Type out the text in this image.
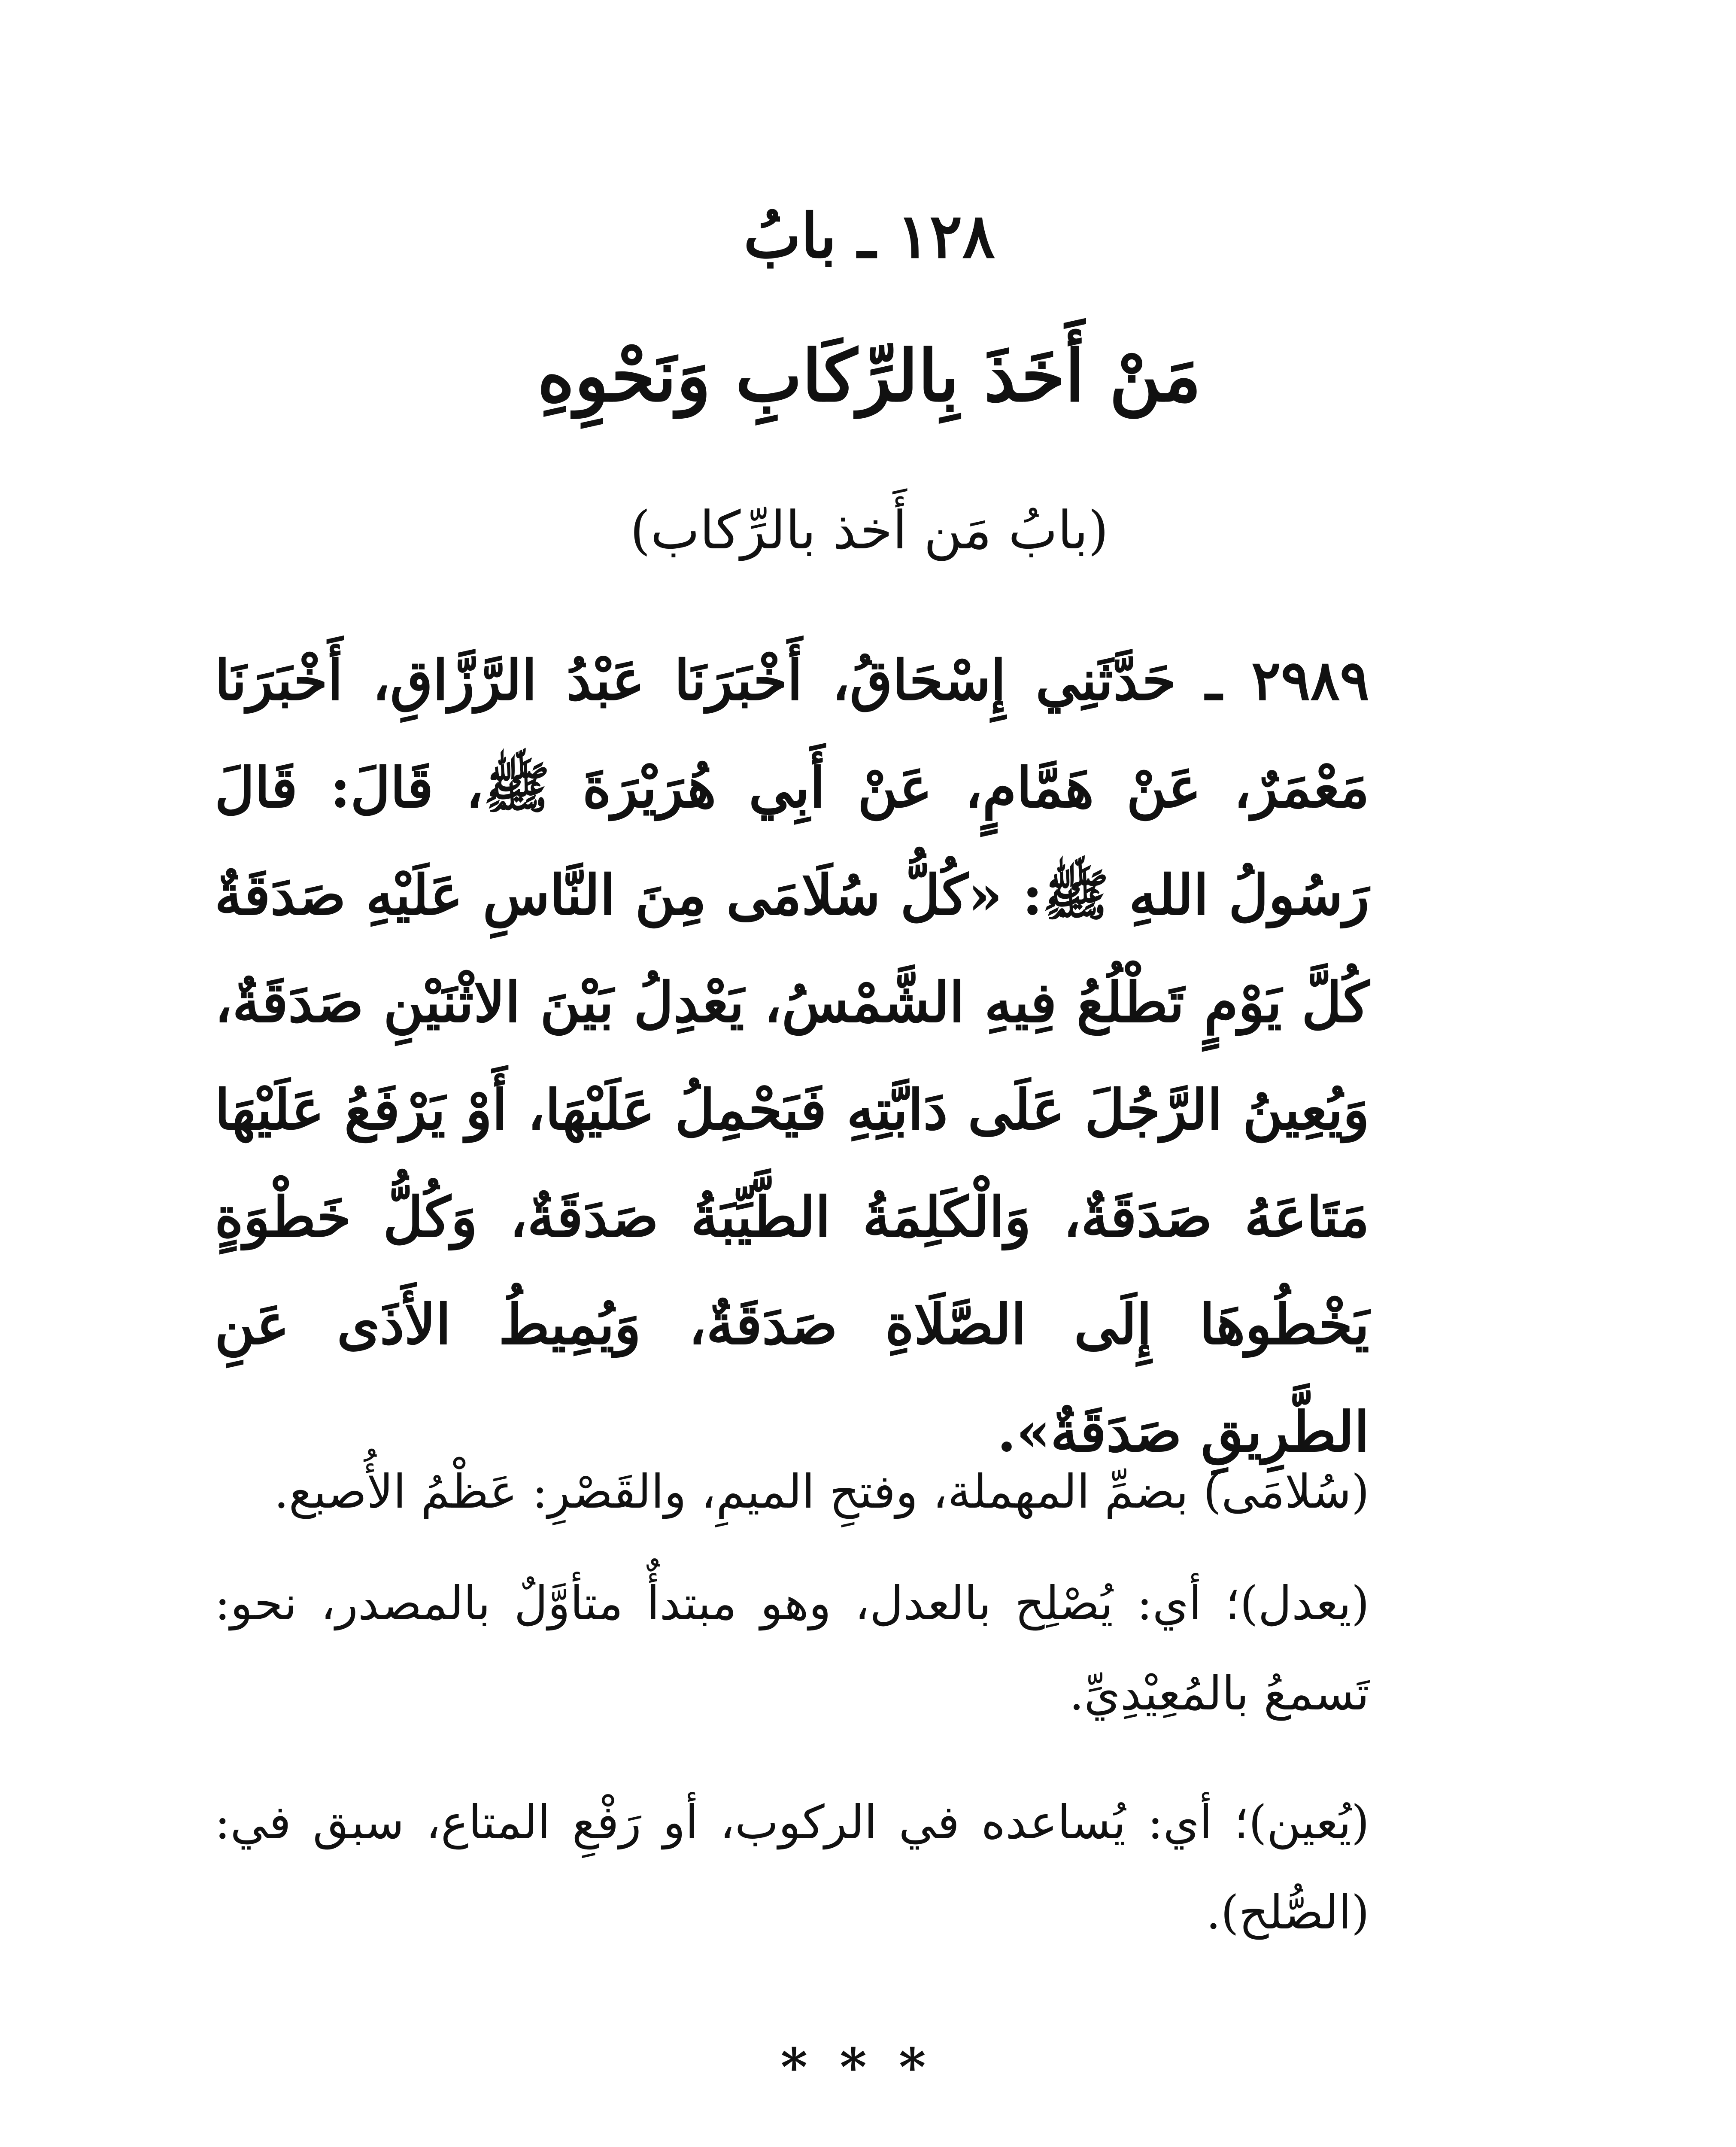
١٢٨ ـ بابُ
مَنْ أَخَذَ بِالرِّكَابِ وَنَحْوِهِ
(بابُ مَن أَخذ بالرِّكاب)
٢٩٨٩ ـ حَدَّثَنِي إِسْحَاقُ، أَخْبَرَنَا عَبْدُ الرَّزَّاقِ، أَخْبَرَنَا مَعْمَرٌ، عَنْ هَمَّامٍ، عَنْ أَبِي هُرَيْرَةَ ﷺ، قَالَ: قَالَ رَسُولُ اللهِ ﷺ: «كُلُّ سُلَامَى مِنَ النَّاسِ عَلَيْهِ صَدَقَةٌ كُلَّ يَوْمٍ تَطْلُعُ فِيهِ الشَّمْسُ، يَعْدِلُ بَيْنَ الاثْنَيْنِ صَدَقَةٌ، وَيُعِينُ الرَّجُلَ عَلَى دَابَّتِهِ فَيَحْمِلُ عَلَيْهَا، أَوْ يَرْفَعُ عَلَيْهَا مَتَاعَهُ صَدَقَةٌ، وَالْكَلِمَةُ الطَّيِّبَةُ صَدَقَةٌ، وَكُلُّ خَطْوَةٍ يَخْطُوهَا إِلَى الصَّلَاةِ صَدَقَةٌ، وَيُمِيطُ الأَذَى عَنِ الطَّرِيقِ صَدَقَةٌ».
(سُلامَى) بضمِّ المهملة، وفتحِ الميمِ، والقَصْرِ: عَظْمُ الأُصبع.
(يعدل)؛ أي: يُصْلِح بالعدل، وهو مبتدأٌ متأوَّلٌ بالمصدر، نحو: تَسمعُ بالمُعِيْدِيِّ.
(يُعين)؛ أي: يُساعده في الركوب، أو رَفْعِ المتاع، سبق في: (الصُّلح).
***
